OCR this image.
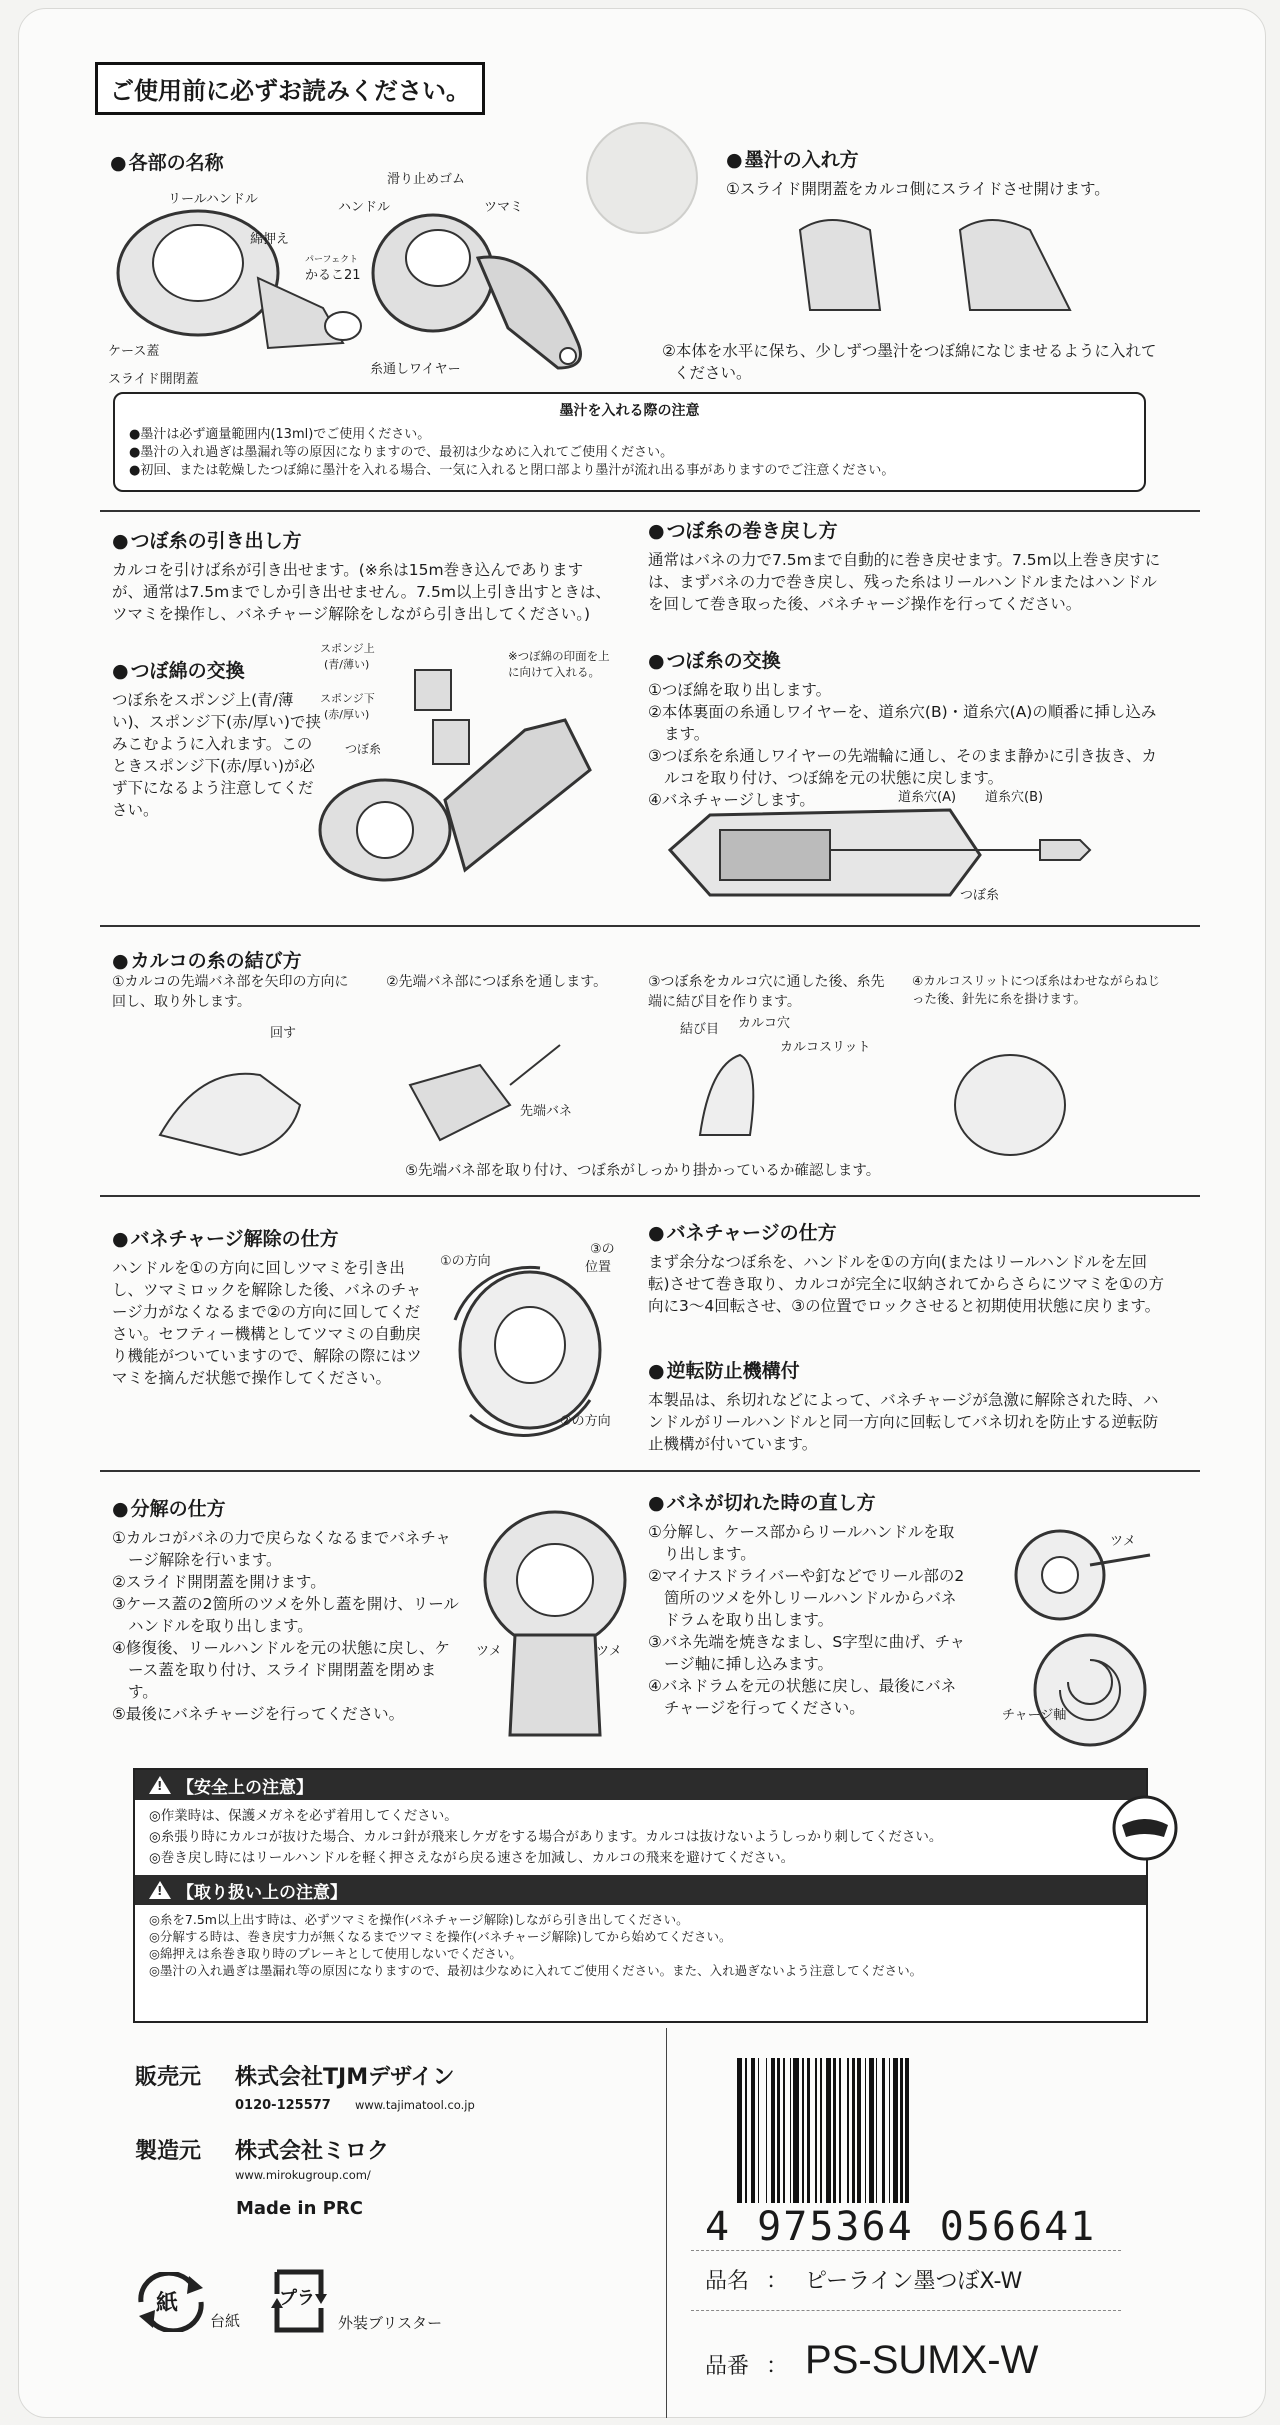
ご使用前に必ずお読みください。
● 各部の名称
リールハンドル
滑り止めゴム
ハンドル	ツマミ
綿押え
パーフェクト
かるこ21
ケース蓋
スライド開閉蓋
糸通しワイヤー
● 墨汁の入れ方
①スライド開閉蓋をカルコ側にスライドさせ開けます。
②本体を水平に保ち、少しずつ墨汁をつぼ綿になじませるように入れてください。
墨汁を入れる際の注意
●墨汁は必ず適量範囲内(13ml)でご使用ください。
●墨汁の入れ過ぎは墨漏れ等の原因になりますので、最初は少なめに入れてご使用ください。
●初回、または乾燥したつぼ綿に墨汁を入れる場合、一気に入れると閉口部より墨汁が流れ出る事がありますのでご注意ください。
● つぼ糸の引き出し方
カルコを引けば糸が引き出せます。(※糸は15m巻き込んでありますが、通常は7.5mまでしか引き出せません。7.5m以上引き出すときは、ツマミを操作し、バネチャージ解除をしながら引き出してください。)
● つぼ綿の交換
つぼ糸をスポンジ上(青/薄い)、スポンジ下(赤/厚い)で挟みこむように入れます。このときスポンジ下(赤/厚い)が必ず下になるよう注意してください。
スポンジ上
(青/薄い)
スポンジ下
(赤/厚い)
つぼ糸
※つぼ綿の印面を上に向けて入れる。
● つぼ糸の巻き戻し方
通常はバネの力で7.5mまで自動的に巻き戻せます。7.5m以上巻き戻すには、まずバネの力で巻き戻し、残った糸はリールハンドルまたはハンドルを回して巻き取った後、バネチャージ操作を行ってください。
● つぼ糸の交換
①つぼ綿を取り出します。
②本体裏面の糸通しワイヤーを、道糸穴(B)・道糸穴(A)の順番に挿し込みます。
③つぼ糸を糸通しワイヤーの先端輪に通し、そのまま静かに引き抜き、カルコを取り付け、つぼ綿を元の状態に戻します。
④バネチャージします。	道糸穴(A) 道糸穴(B)
つぼ糸
● カルコの糸の結び方
①カルコの先端バネ部を矢印の方向に回し、取り外します。
②先端バネ部につぼ糸を通します。	③つぼ糸をカルコ穴に通した後、糸先端に結び目を作ります。
④カルコスリットにつぼ糸はわせながらねじった後、針先に糸を掛けます。
回す
先端バネ
結び目 カルコ穴
カルコスリット
⑤先端バネ部を取り付け、つぼ糸がしっかり掛かっているか確認します。
● バネチャージ解除の仕方
ハンドルを①の方向に回しツマミを引き出し、ツマミロックを解除した後、バネのチャージ力がなくなるまで②の方向に回してください。セフティー機構としてツマミの自動戻り機能がついていますので、解除の際にはツマミを摘んだ状態で操作してください。
①の方向
③の
位置
②の方向
● バネチャージの仕方
まず余分なつぼ糸を、ハンドルを①の方向(またはリールハンドルを左回転)させて巻き取り、カルコが完全に収納されてからさらにツマミを①の方向に3～4回転させ、③の位置でロックさせると初期使用状態に戻ります。
● 逆転防止機構付
本製品は、糸切れなどによって、バネチャージが急激に解除された時、ハンドルがリールハンドルと同一方向に回転してバネ切れを防止する逆転防止機構が付いています。
● 分解の仕方
①カルコがバネの力で戻らなくなるまでバネチャージ解除を行います。
②スライド開閉蓋を開けます。
③ケース蓋の2箇所のツメを外し蓋を開け、リールハンドルを取り出します。
④修復後、リールハンドルを元の状態に戻し、ケース蓋を取り付け、スライド開閉蓋を閉めます。
⑤最後にバネチャージを行ってください。
ツメ	ツメ
● バネが切れた時の直し方
①分解し、ケース部からリールハンドルを取り出します。
②マイナスドライバーや釘などでリール部の2箇所のツメを外しリールハンドルからバネドラムを取り出します。
③バネ先端を焼きなまし、S字型に曲げ、チャージ軸に挿し込みます。
④バネドラムを元の状態に戻し、最後にバネチャージを行ってください。
ツメ
チャージ軸
!
【安全上の注意】
◎作業時は、保護メガネを必ず着用してください。
◎糸張り時にカルコが抜けた場合、カルコ針が飛来しケガをする場合があります。カルコは抜けないようしっかり刺してください。
◎巻き戻し時にはリールハンドルを軽く押さえながら戻る速さを加減し、カルコの飛来を避けてください。
!
【取り扱い上の注意】
◎糸を7.5m以上出す時は、必ずツマミを操作(バネチャージ解除)しながら引き出してください。
◎分解する時は、巻き戻す力が無くなるまでツマミを操作(バネチャージ解除)してから始めてください。
◎綿押えは糸巻き取り時のブレーキとして使用しないでください。
◎墨汁の入れ過ぎは墨漏れ等の原因になりますので、最初は少なめに入れてご使用ください。また、入れ過ぎないよう注意してください。
販売元 株式会社TJMデザイン
0120-125577 www.tajimatool.co.jp
製造元 株式会社ミロク
www.mirokugroup.com/
Made in PRC
紙
台紙
プラ
外装ブリスター
4 975364 056641
品名 ： ピーライン墨つぼX-W
品番 ： PS-SUMX-W
